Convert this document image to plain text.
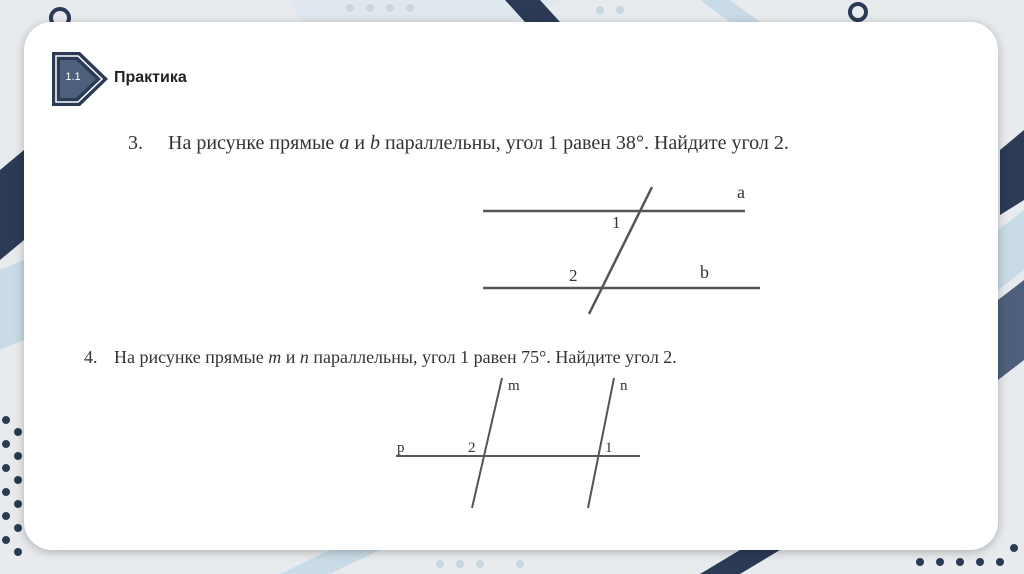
1.1	Практика
3. На рисунке прямые a и b параллельны, угол 1 равен 38°. Найдите угол 2.
4. На рисунке прямые m и n параллельны, угол 1 равен 75°. Найдите угол 2.
a
b
1
2
m	n
p	2	1
